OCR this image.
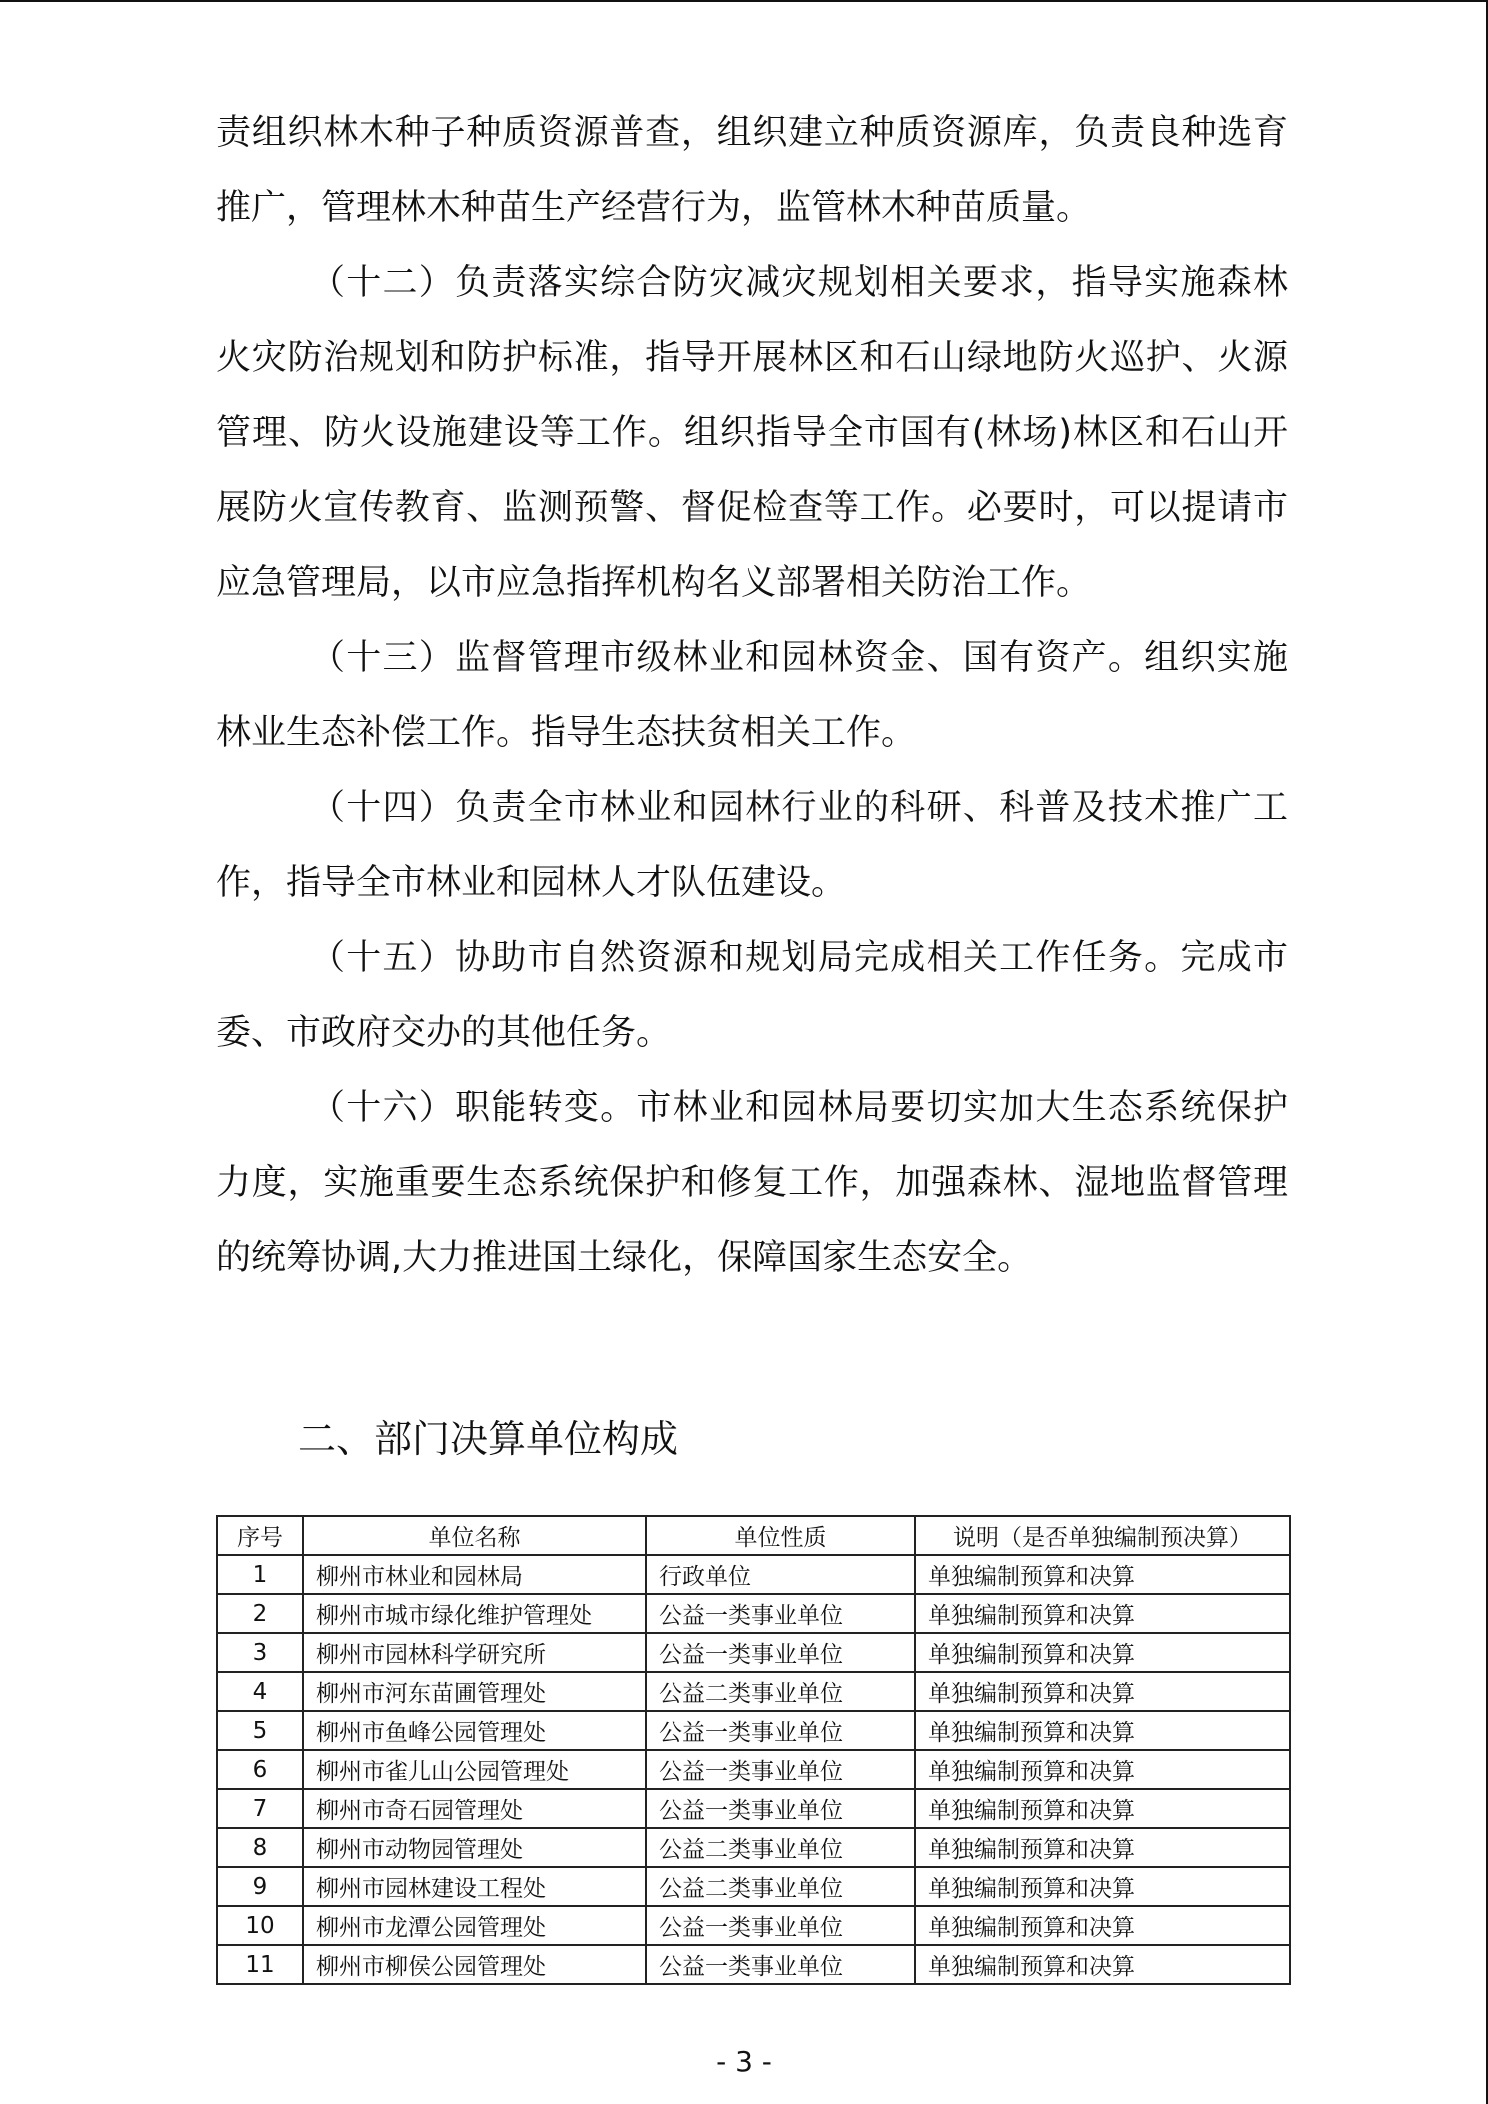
责组织林木种子种质资源普查，组织建立种质资源库，负责良种选育推广，管理林木种苗生产经营行为，监管林木种苗质量。

（十二）负责落实综合防灾减灾规划相关要求，指导实施森林火灾防治规划和防护标准，指导开展林区和石山绿地防火巡护、火源管理、防火设施建设等工作。组织指导全市国有(林场)林区和石山开展防火宣传教育、监测预警、督促检查等工作。必要时，可以提请市应急管理局，以市应急指挥机构名义部署相关防治工作。

（十三）监督管理市级林业和园林资金、国有资产。组织实施林业生态补偿工作。指导生态扶贫相关工作。

（十四）负责全市林业和园林行业的科研、科普及技术推广工作，指导全市林业和园林人才队伍建设。

（十五）协助市自然资源和规划局完成相关工作任务。完成市委、市政府交办的其他任务。

（十六）职能转变。市林业和园林局要切实加大生态系统保护力度，实施重要生态系统保护和修复工作，加强森林、湿地监督管理的统筹协调,大力推进国土绿化，保障国家生态安全。

二、部门决算单位构成
序号	单位名称	单位性质	说明（是否单独编制预决算）
1	柳州市林业和园林局	行政单位	单独编制预算和决算
2	柳州市城市绿化维护管理处	公益一类事业单位	单独编制预算和决算
3	柳州市园林科学研究所	公益一类事业单位	单独编制预算和决算
4	柳州市河东苗圃管理处	公益二类事业单位	单独编制预算和决算
5	柳州市鱼峰公园管理处	公益一类事业单位	单独编制预算和决算
6	柳州市雀儿山公园管理处	公益一类事业单位	单独编制预算和决算
7	柳州市奇石园管理处	公益一类事业单位	单独编制预算和决算
8	柳州市动物园管理处	公益二类事业单位	单独编制预算和决算
9	柳州市园林建设工程处	公益二类事业单位	单独编制预算和决算
10	柳州市龙潭公园管理处	公益一类事业单位	单独编制预算和决算
11	柳州市柳侯公园管理处	公益一类事业单位	单独编制预算和决算
- 3 -
